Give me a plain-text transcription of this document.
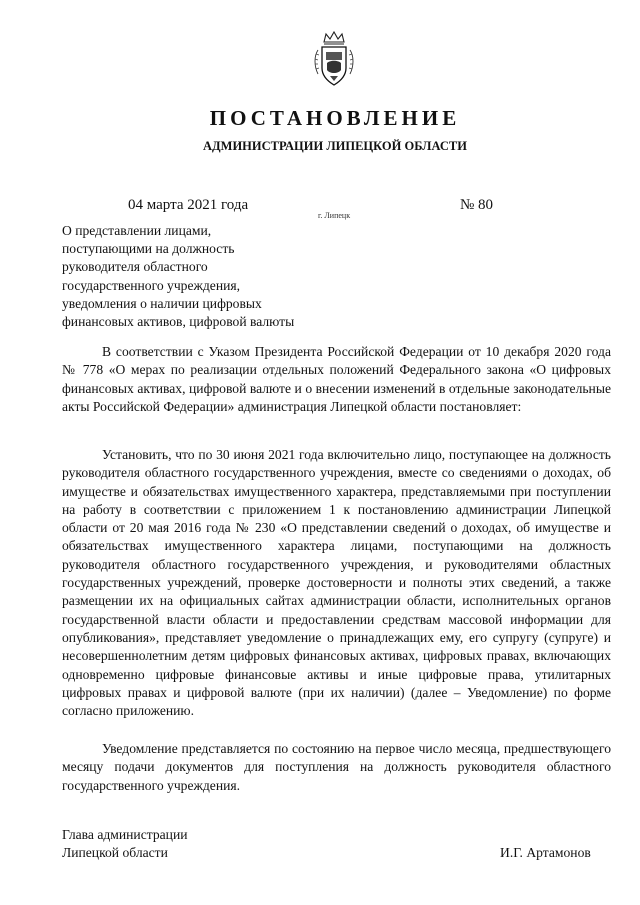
ПОСТАНОВЛЕНИЕ
АДМИНИСТРАЦИИ ЛИПЕЦКОЙ ОБЛАСТИ
04 марта 2021 года
г. Липецк
№ 80
О представлении лицами,
поступающими на должность
руководителя областного
государственного учреждения,
уведомления о наличии цифровых
финансовых активов, цифровой валюты

В соответствии с Указом Президента Российской Федерации от 10 декабря 2020 года № 778 «О мерах по реализации отдельных положений Федерального закона «О цифровых финансовых активах, цифровой валюте и о внесении изменений в отдельные законодательные акты Российской Федерации» администрация Липецкой области постановляет:

Установить, что по 30 июня 2021 года включительно лицо, поступающее на должность руководителя областного государственного учреждения, вместе со сведениями о доходах, об имуществе и обязательствах имущественного характера, представляемыми при поступлении на работу в соответствии с приложением 1 к постановлению администрации Липецкой области от 20 мая 2016 года № 230 «О представлении сведений о доходах, об имуществе и обязательствах имущественного характера лицами, поступающими на должность руководителя областного государственного учреждения, и руководителями областных государственных учреждений, проверке достоверности и полноты этих сведений, а также размещении их на официальных сайтах администрации области, исполнительных органов государственной власти области и предоставлении средствам массовой информации для опубликования», представляет уведомление о принадлежащих ему, его супругу (супруге) и несовершеннолетним детям цифровых финансовых активах, цифровых правах, включающих одновременно цифровые финансовые активы и иные цифровые права, утилитарных цифровых правах и цифровой валюте (при их наличии) (далее – Уведомление) по форме согласно приложению.

Уведомление представляется по состоянию на первое число месяца, предшествующего месяцу подачи документов для поступления на должность руководителя областного государственного учреждения.

Глава администрации
Липецкой области	И.Г. Артамонов
